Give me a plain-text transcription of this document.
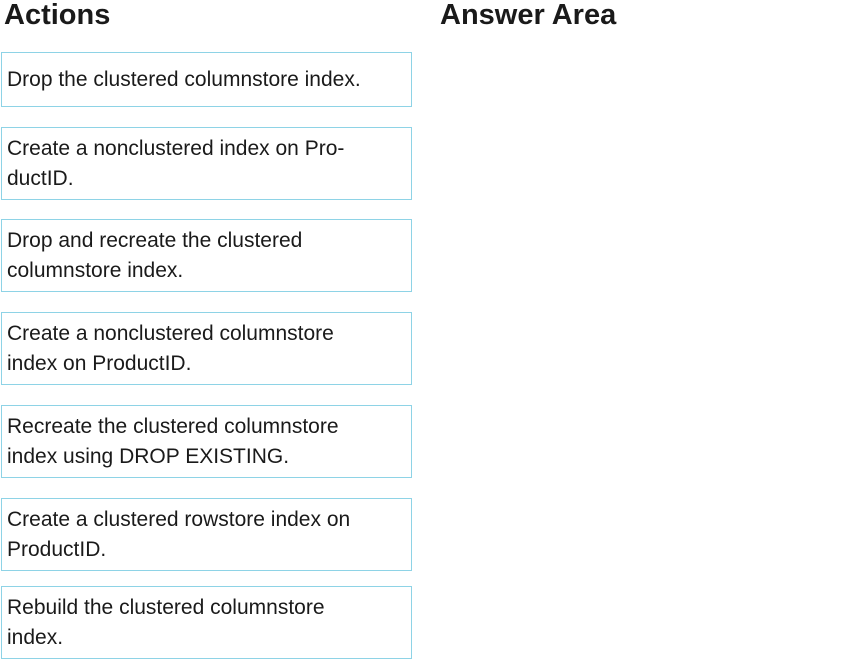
Actions	Answer Area
Drop the clustered columnstore index.
Create a nonclustered index on Pro-
ductID.
Drop and recreate the clustered
columnstore index.
Create a nonclustered columnstore
index on ProductID.
Recreate the clustered columnstore
index using DROP EXISTING.
Create a clustered rowstore index on
ProductID.
Rebuild the clustered columnstore
index.
